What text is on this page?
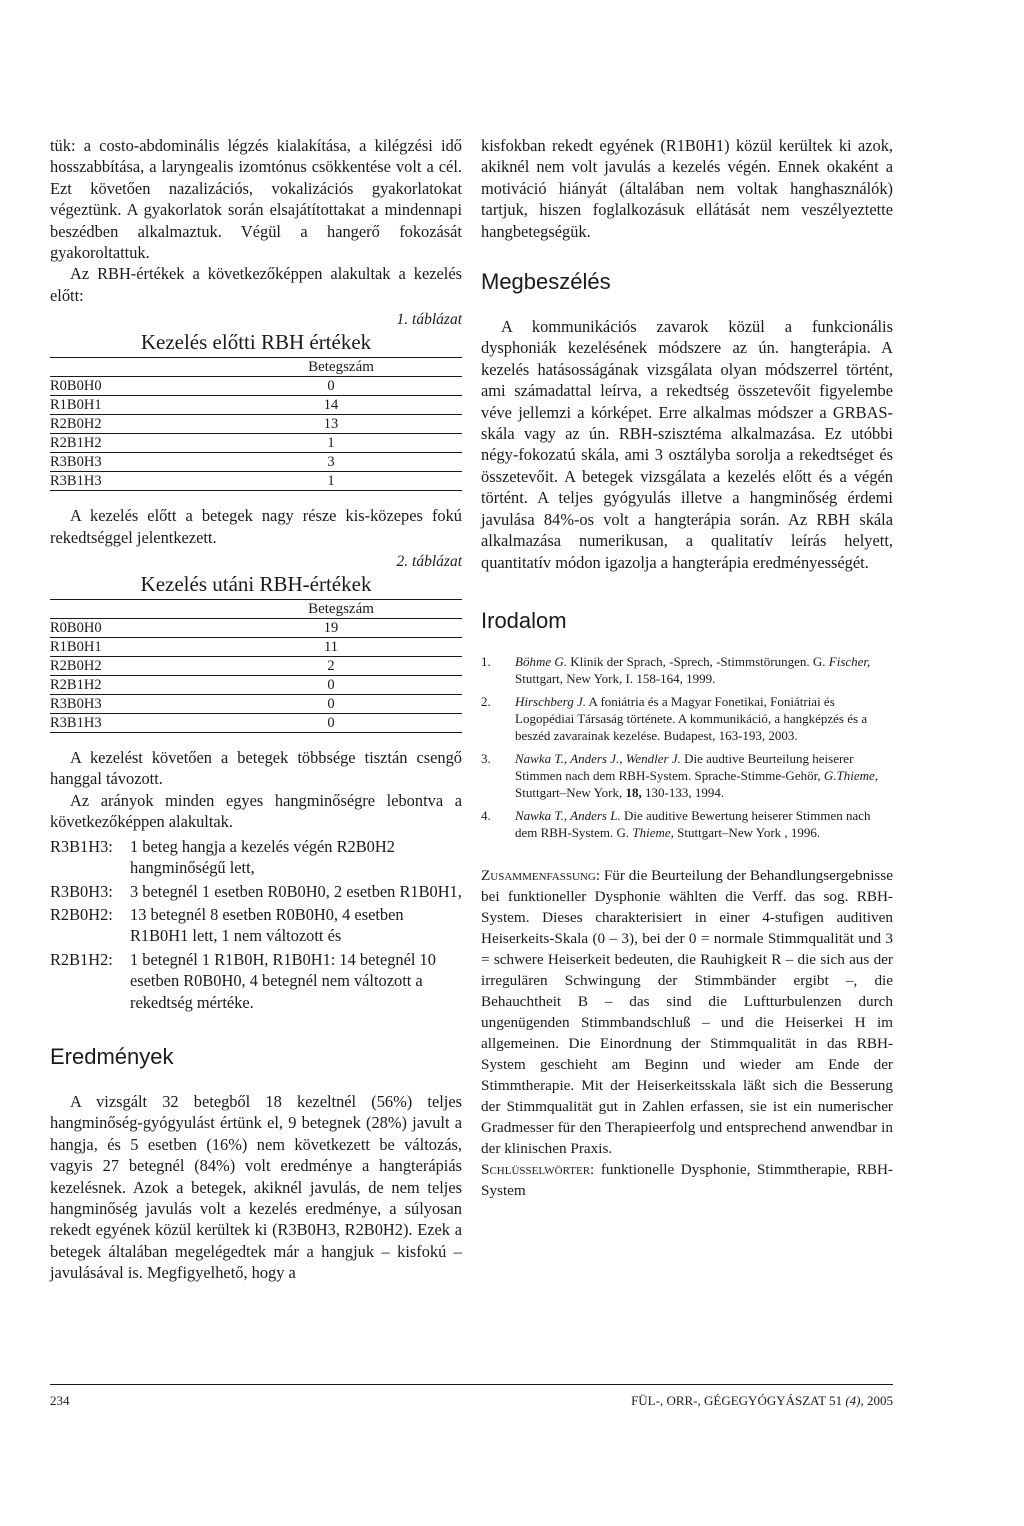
tük: a costo-abdominális légzés kialakítása, a kilégzési idő hosszabbítása, a laryngealis izomtónus csökkentése volt a cél. Ezt követően nazalizációs, vokalizációs gyakorlatokat végeztünk. A gyakorlatok során elsajátítottakat a mindennapi beszédben alkalmaztuk. Végül a hangerő fokozását gyakoroltattuk.

Az RBH-értékek a következőképpen alakultak a kezelés előtt:

1. táblázat
Kezelés előtti RBH értékek
	Betegszám
R0B0H0	0
R1B0H1	14
R2B0H2	13
R2B1H2	1
R3B0H3	3
R3B1H3	1

A kezelés előtt a betegek nagy része kis-közepes fokú rekedtséggel jelentkezett.

2. táblázat
Kezelés utáni RBH-értékek
	Betegszám
R0B0H0	19
R1B0H1	11
R2B0H2	2
R2B1H2	0
R3B0H3	0
R3B1H3	0

A kezelést követően a betegek többsége tisztán csengő hanggal távozott.

Az arányok minden egyes hangminőségre lebontva a következőképpen alakultak.

R3B1H3:	1 beteg hangja a kezelés végén R2B0H2 hangminőségű lett,
R3B0H3:	3 betegnél 1 esetben R0B0H0, 2 esetben R1B0H1,
R2B0H2:	13 betegnél 8 esetben R0B0H0, 4 esetben R1B0H1 lett, 1 nem változott és
R2B1H2:	1 betegnél 1 R1B0H, R1B0H1: 14 betegnél 10 esetben R0B0H0, 4 betegnél nem változott a rekedtség mértéke.
Eredmények

A vizsgált 32 betegből 18 kezeltnél (56%) teljes hangminőség-gyógyulást értünk el, 9 betegnek (28%) javult a hangja, és 5 esetben (16%) nem következett be változás, vagyis 27 betegnél (84%) volt eredménye a hangterápiás kezelésnek. Azok a betegek, akiknél javulás, de nem teljes hangminőség javulás volt a kezelés eredménye, a súlyosan rekedt egyének közül kerültek ki (R3B0H3, R2B0H2). Ezek a betegek általában megelégedtek már a hangjuk – kisfokú – javulásával is. Megfigyelhető, hogy a

kisfokban rekedt egyének (R1B0H1) közül kerültek ki azok, akiknél nem volt javulás a kezelés végén. Ennek okaként a motiváció hiányát (általában nem voltak hanghasználók) tartjuk, hiszen foglalkozásuk ellátását nem veszélyeztette hangbetegségük.

Megbeszélés

A kommunikációs zavarok közül a funkcionális dysphoniák kezelésének módszere az ún. hangterápia. A kezelés hatásosságának vizsgálata olyan módszerrel történt, ami számadattal leírva, a rekedtség összetevőit figyelembe véve jellemzi a kórképet. Erre alkalmas módszer a GRBAS-skála vagy az ún. RBH-szisztéma alkalmazása. Ez utóbbi négy-fokozatú skála, ami 3 osztályba sorolja a rekedtséget és összetevőit. A betegek vizsgálata a kezelés előtt és a végén történt. A teljes gyógyulás illetve a hangminőség érdemi javulása 84%-os volt a hangterápia során. Az RBH skála alkalmazása numerikusan, a qualitatív leírás helyett, quantitatív módon igazolja a hangterápia eredményességét.

Irodalom
1.	Böhme G. Klinik der Sprach, -Sprech, -Stimmstörungen. G. Fischer, Stuttgart, New York, I. 158-164, 1999.
2.	Hirschberg J. A foniátria és a Magyar Fonetikai, Foniátriai és Logopédiai Társaság története. A kommunikáció, a hangképzés és a beszéd zavarainak kezelése. Budapest, 163-193, 2003.
3.	Nawka T., Anders J., Wendler J. Die audtive Beurteilung heiserer Stimmen nach dem RBH-System. Sprache-Stimme-Gehör, G.Thieme, Stuttgart–New York, 18, 130-133, 1994.
4.	Nawka T., Anders L. Die auditive Bewertung heiserer Stimmen nach dem RBH-System. G. Thieme, Stuttgart–New York , 1996.
Zusammenfassung: Für die Beurteilung der Behandlungsergebnisse bei funktioneller Dysphonie wählten die Verff. das sog. RBH-System. Dieses charakterisiert in einer 4-stufigen auditiven Heiserkeits-Skala (0 – 3), bei der 0 = normale Stimmqualität und 3 = schwere Heiserkeit bedeuten, die Rauhigkeit R – die sich aus der irregulären Schwingung der Stimmbänder ergibt –, die Behauchtheit B – das sind die Luftturbulenzen durch ungenügenden Stimmbandschluß – und die Heiserkei H im allgemeinen. Die Einordnung der Stimmqualität in das RBH-System geschieht am Beginn und wieder am Ende der Stimmtherapie. Mit der Heiserkeitsskala läßt sich die Besserung der Stimmqualität gut in Zahlen erfassen, sie ist ein numerischer Gradmesser für den Therapieerfolg und entsprechend anwendbar in der klinischen Praxis.
Schlüsselwörter: funktionelle Dysphonie, Stimmtherapie, RBH-System
234	FÜL-, ORR-, GÉGEGYÓGYÁSZAT 51 (4), 2005
